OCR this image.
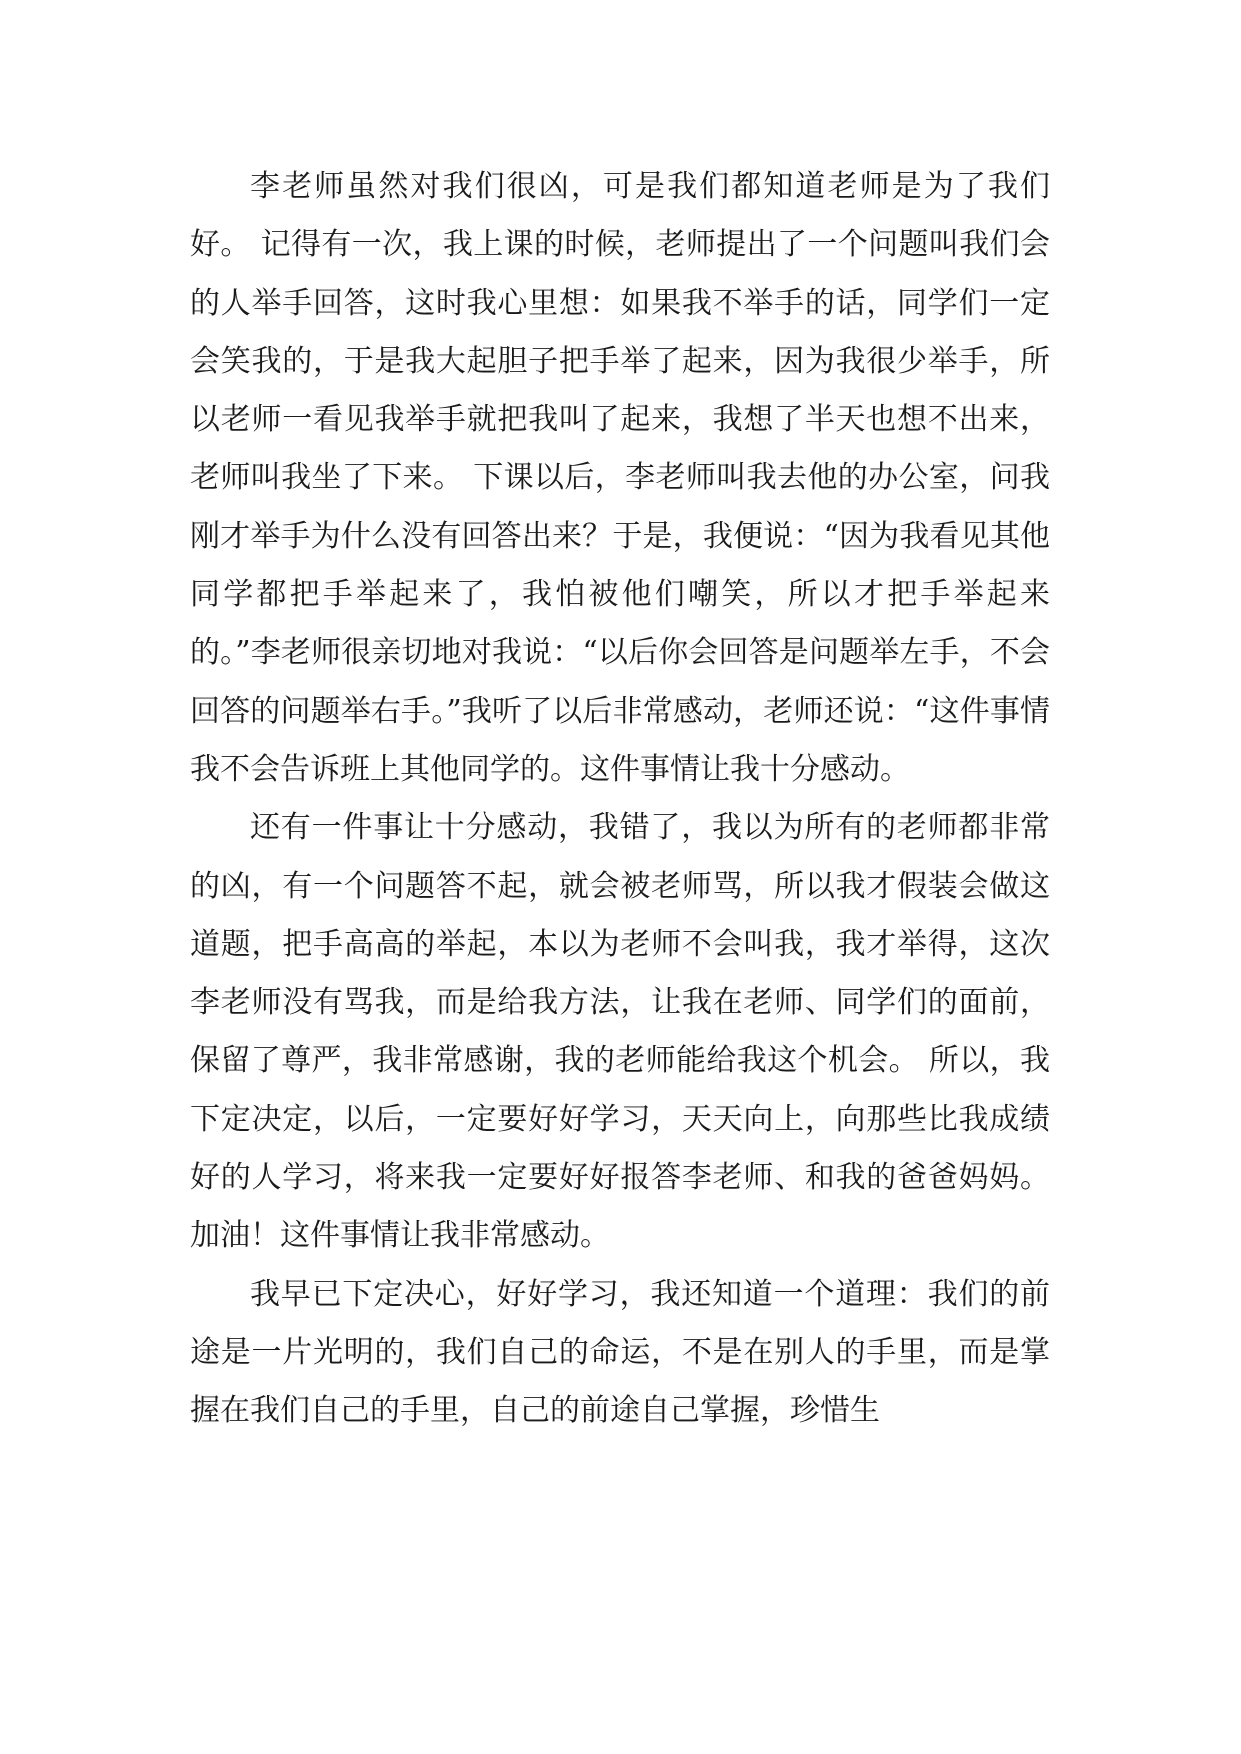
李老师虽然对我们很凶，可是我们都知道老师是为了我们好。 记得有一次，我上课的时候，老师提出了一个问题叫我们会的人举手回答，这时我心里想：如果我不举手的话，同学们一定会笑我的，于是我大起胆子把手举了起来，因为我很少举手，所以老师一看见我举手就把我叫了起来，我想了半天也想不出来，老师叫我坐了下来。 下课以后，李老师叫我去他的办公室，问我刚才举手为什么没有回答出来？于是，我便说：“因为我看见其他同学都把手举起来了，我怕被他们嘲笑，所以才把手举起来的。”李老师很亲切地对我说：“以后你会回答是问题举左手，不会回答的问题举右手。”我听了以后非常感动，老师还说：“这件事情我不会告诉班上其他同学的。这件事情让我十分感动。

还有一件事让十分感动，我错了，我以为所有的老师都非常的凶，有一个问题答不起，就会被老师骂，所以我才假装会做这道题，把手高高的举起，本以为老师不会叫我，我才举得，这次李老师没有骂我，而是给我方法，让我在老师、同学们的面前，保留了尊严，我非常感谢，我的老师能给我这个机会。 所以，我下定决定，以后，一定要好好学习，天天向上，向那些比我成绩好的人学习，将来我一定要好好报答李老师、和我的爸爸妈妈。加油！这件事情让我非常感动。

我早已下定决心，好好学习，我还知道一个道理：我们的前途是一片光明的，我们自己的命运，不是在别人的手里，而是掌握在我们自己的手里，自己的前途自己掌握，珍惜生
